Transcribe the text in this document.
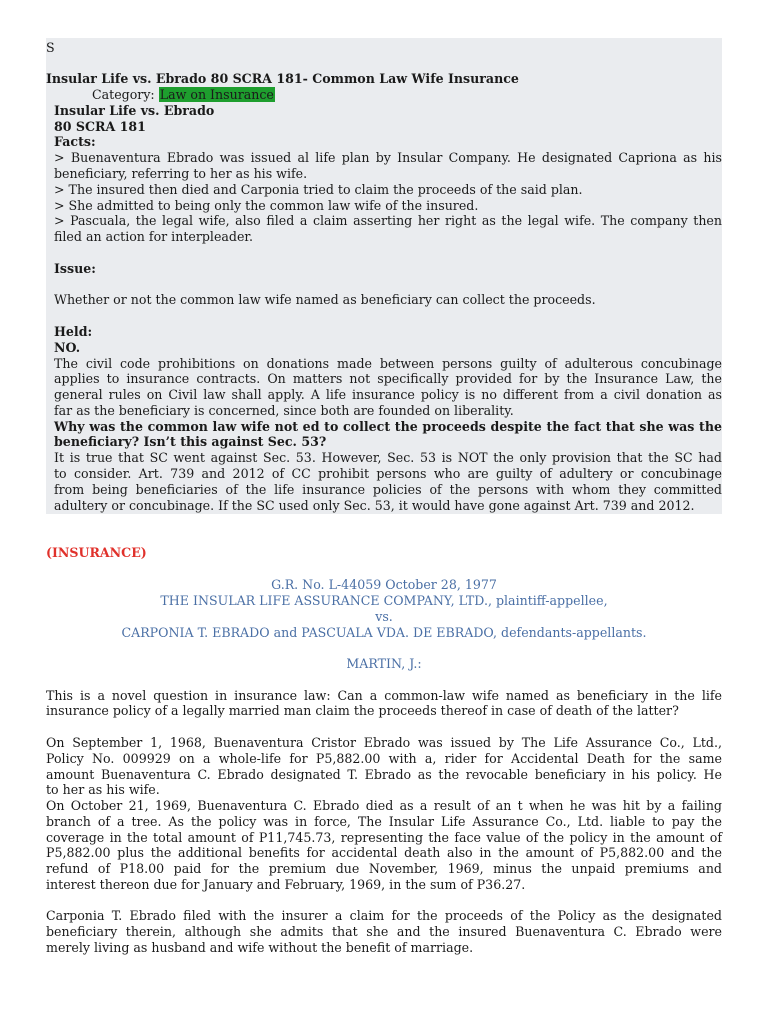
S
Insular Life vs. Ebrado 80 SCRA 181- Common Law Wife Insurance
Category: Law on Insurance
Insular Life vs. Ebrado
80 SCRA 181
Facts:
> Buenaventura Ebrado was issued al life plan by Insular Company. He designated Capriona as his
beneficiary, referring to her as his wife.
> The insured then died and Carponia tried to claim the proceeds of the said plan.
> She admitted to being only the common law wife of the insured.
> Pascuala, the legal wife, also filed a claim asserting her right as the legal wife. The company then
filed an action for interpleader.
Issue:
Whether or not the common law wife named as beneficiary can collect the proceeds.
Held:
NO.
The civil code prohibitions on donations made between persons guilty of adulterous concubinage
applies to insurance contracts. On matters not specifically provided for by the Insurance Law, the
general rules on Civil law shall apply. A life insurance policy is no different from a civil donation as
far as the beneficiary is concerned, since both are founded on liberality.
Why was the common law wife not ed to collect the proceeds despite the fact that she was the
beneficiary? Isn’t this against Sec. 53?
It is true that SC went against Sec. 53. However, Sec. 53 is NOT the only provision that the SC had
to consider. Art. 739 and 2012 of CC prohibit persons who are guilty of adultery or concubinage
from being beneficiaries of the life insurance policies of the persons with whom they committed
adultery or concubinage. If the SC used only Sec. 53, it would have gone against Art. 739 and 2012.
(INSURANCE)
G.R. No. L-44059 October 28, 1977
THE INSULAR LIFE ASSURANCE COMPANY, LTD., plaintiff-appellee,
vs.
CARPONIA T. EBRADO and PASCUALA VDA. DE EBRADO, defendants-appellants.
MARTIN, J.:
This is a novel question in insurance law: Can a common-law wife named as beneficiary in the life
insurance policy of a legally married man claim the proceeds thereof in case of death of the latter?
On September 1, 1968, Buenaventura Cristor Ebrado was issued by The Life Assurance Co., Ltd.,
Policy No. 009929 on a whole-life for P5,882.00 with a, rider for Accidental Death for the same
amount Buenaventura C. Ebrado designated T. Ebrado as the revocable beneficiary in his policy. He
to her as his wife.
On October 21, 1969, Buenaventura C. Ebrado died as a result of an t when he was hit by a failing
branch of a tree. As the policy was in force, The Insular Life Assurance Co., Ltd. liable to pay the
coverage in the total amount of P11,745.73, representing the face value of the policy in the amount of
P5,882.00 plus the additional benefits for accidental death also in the amount of P5,882.00 and the
refund of P18.00 paid for the premium due November, 1969, minus the unpaid premiums and
interest thereon due for January and February, 1969, in the sum of P36.27.
Carponia T. Ebrado filed with the insurer a claim for the proceeds of the Policy as the designated
beneficiary therein, although she admits that she and the insured Buenaventura C. Ebrado were
merely living as husband and wife without the benefit of marriage.
